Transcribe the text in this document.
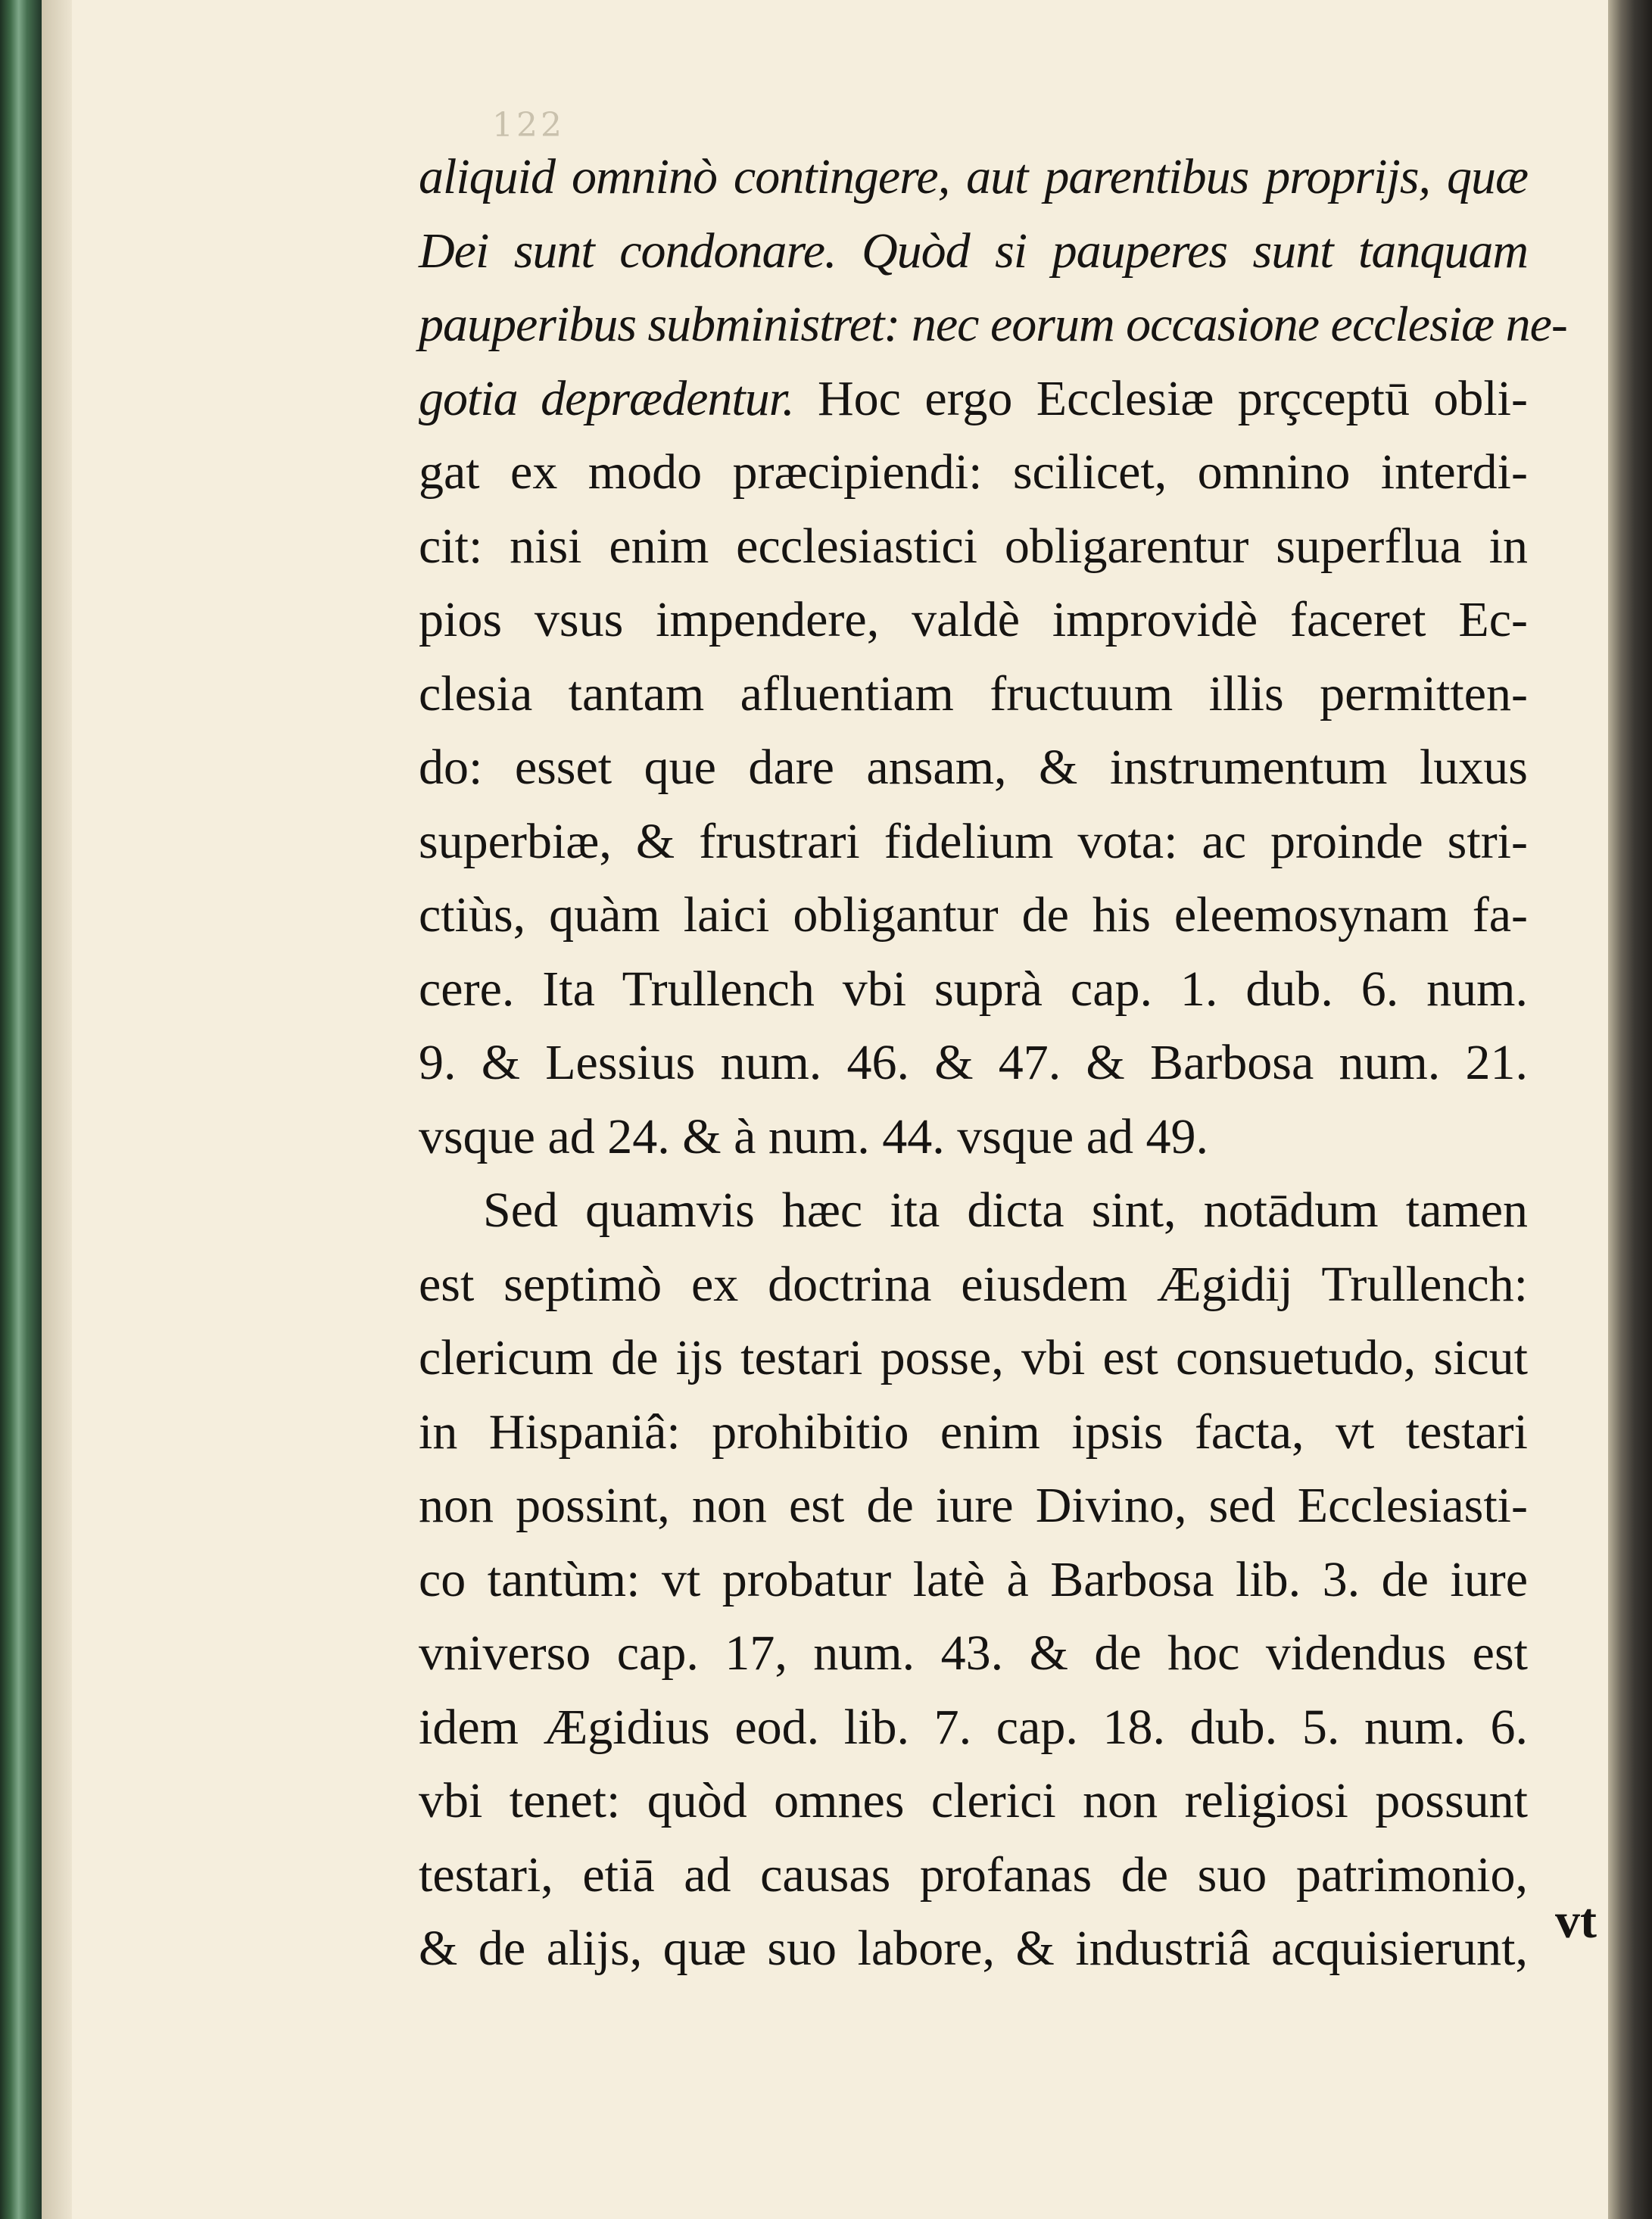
122
aliquid omninò contingere, aut parentibus proprijs, quæ
Dei sunt condonare. Quòd si pauperes sunt tanquam
pauperibus subministret: nec eorum occasione ecclesiæ ne-
gotia deprædentur. Hoc ergo Ecclesiæ prçceptū obli-
gat ex modo præcipiendi: scilicet, omnino interdi-
cit: nisi enim ecclesiastici obligarentur superflua in
pios vsus impendere, valdè improvidè faceret Ec-
clesia tantam afluentiam fructuum illis permitten-
do: esset que dare ansam, & instrumentum luxus
superbiæ, & frustrari fidelium vota: ac proinde stri-
ctiùs, quàm laici obligantur de his eleemosynam fa-
cere. Ita Trullench vbi suprà cap. 1. dub. 6. num.
9. & Lessius num. 46. & 47. & Barbosa num. 21.
vsque ad 24. & à num. 44. vsque ad 49.
Sed quamvis hæc ita dicta sint, notādum tamen
est septimò ex doctrina eiusdem Ægidij Trullench:
clericum de ijs testari posse, vbi est consuetudo, sicut
in Hispaniâ: prohibitio enim ipsis facta, vt testari
non possint, non est de iure Divino, sed Ecclesiasti-
co tantùm: vt probatur latè à Barbosa lib. 3. de iure
vniverso cap. 17, num. 43. & de hoc videndus est
idem Ægidius eod. lib. 7. cap. 18. dub. 5. num. 6.
vbi tenet: quòd omnes clerici non religiosi possunt
testari, etiā ad causas profanas de suo patrimonio,
& de alijs, quæ suo labore, & industriâ acquisierunt, vt
